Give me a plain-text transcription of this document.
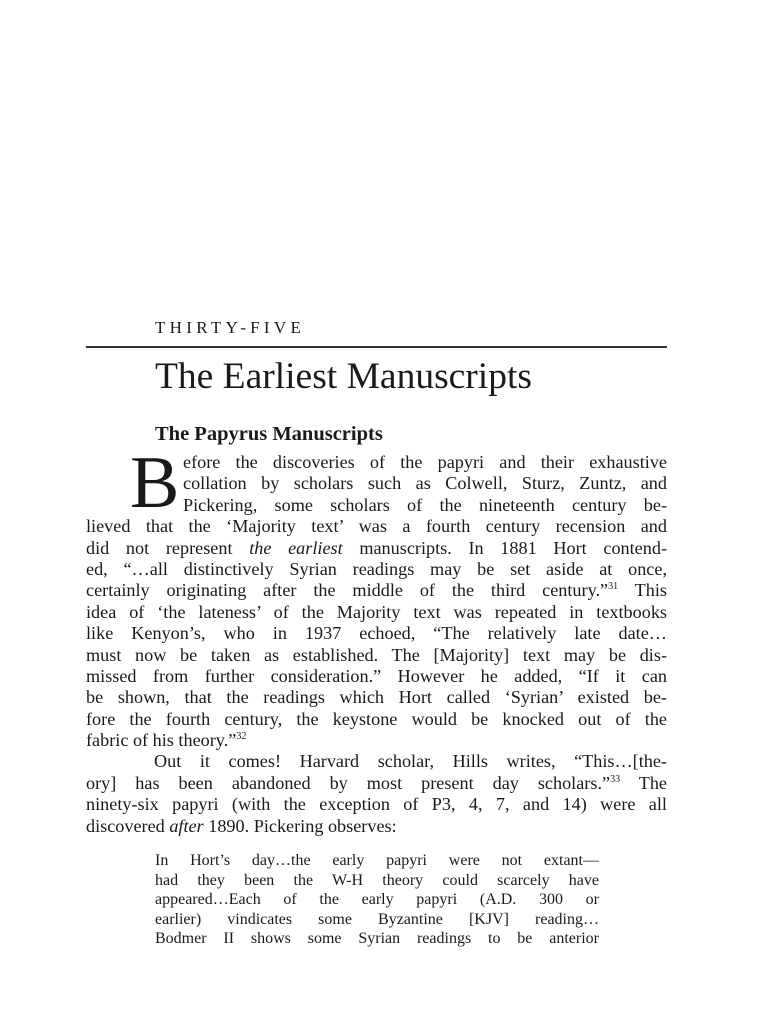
THIRTY-FIVE
The Earliest Manuscripts
The Papyrus Manuscripts
B efore the discoveries of the papyri and their exhaustive
collation by scholars such as Colwell, Sturz, Zuntz, and
Pickering, some scholars of the nineteenth century be-
lieved that the ‘Majority text’ was a fourth century recension and
did not represent the earliest manuscripts. In 1881 Hort contend-
ed, “…all distinctively Syrian readings may be set aside at once,
certainly originating after the middle of the third century.”$^{31}$ This
idea of ‘the lateness’ of the Majority text was repeated in textbooks
like Kenyon’s, who in 1937 echoed, “The relatively late date…
must now be taken as established. The [Majority] text may be dis-
missed from further consideration.” However he added, “If it can
be shown, that the readings which Hort called ‘Syrian’ existed be-
fore the fourth century, the keystone would be knocked out of the
fabric of his theory.”$^{32}$
Out it comes! Harvard scholar, Hills writes, “This…[the-
ory] has been abandoned by most present day scholars.”$^{33}$ The
ninety-six papyri (with the exception of P3, 4, 7, and 14) were all
discovered after 1890. Pickering observes:
In Hort’s day…the early papyri were not extant—
had they been the W-H theory could scarcely have
appeared…Each of the early papyri (A.D. 300 or
earlier) vindicates some Byzantine [KJV] reading…
Bodmer II shows some Syrian readings to be anterior
